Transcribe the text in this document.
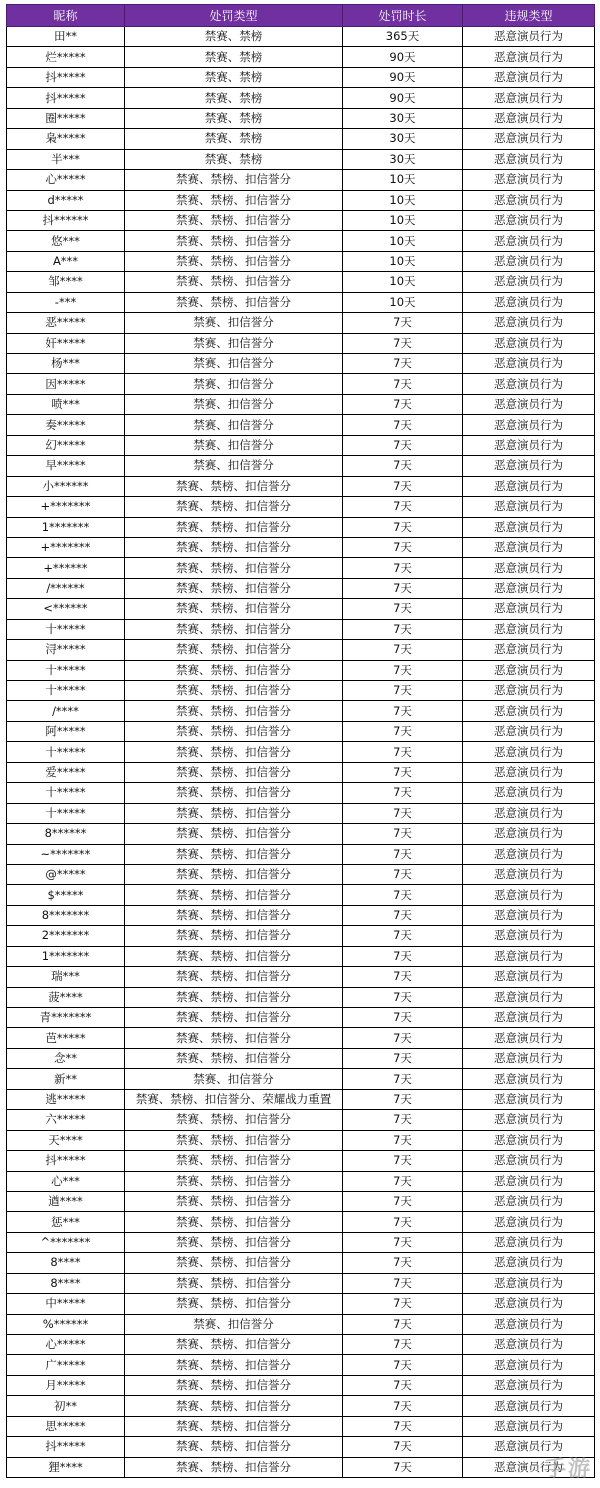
昵称	处罚类型	处罚时长	违规类型
田**	禁赛、禁榜	365天	恶意演员行为
烂*****	禁赛、禁榜	90天	恶意演员行为
抖*****	禁赛、禁榜	90天	恶意演员行为
抖*****	禁赛、禁榜	90天	恶意演员行为
圈*****	禁赛、禁榜	30天	恶意演员行为
枭*****	禁赛、禁榜	30天	恶意演员行为
半***	禁赛、禁榜	30天	恶意演员行为
心*****	禁赛、禁榜、扣信誉分	10天	恶意演员行为
d*****	禁赛、禁榜、扣信誉分	10天	恶意演员行为
抖******	禁赛、禁榜、扣信誉分	10天	恶意演员行为
悠***	禁赛、禁榜、扣信誉分	10天	恶意演员行为
A***	禁赛、禁榜、扣信誉分	10天	恶意演员行为
邹****	禁赛、禁榜、扣信誉分	10天	恶意演员行为
-***	禁赛、禁榜、扣信誉分	10天	恶意演员行为
恶*****	禁赛、扣信誉分	7天	恶意演员行为
奸*****	禁赛、扣信誉分	7天	恶意演员行为
杨***	禁赛、扣信誉分	7天	恶意演员行为
因*****	禁赛、扣信誉分	7天	恶意演员行为
喷***	禁赛、扣信誉分	7天	恶意演员行为
奏*****	禁赛、扣信誉分	7天	恶意演员行为
幻*****	禁赛、扣信誉分	7天	恶意演员行为
早*****	禁赛、扣信誉分	7天	恶意演员行为
小******	禁赛、禁榜、扣信誉分	7天	恶意演员行为
+*******	禁赛、禁榜、扣信誉分	7天	恶意演员行为
1*******	禁赛、禁榜、扣信誉分	7天	恶意演员行为
+*******	禁赛、禁榜、扣信誉分	7天	恶意演员行为
+******	禁赛、禁榜、扣信誉分	7天	恶意演员行为
/******	禁赛、禁榜、扣信誉分	7天	恶意演员行为
<******	禁赛、禁榜、扣信誉分	7天	恶意演员行为
十*****	禁赛、禁榜、扣信誉分	7天	恶意演员行为
浔*****	禁赛、禁榜、扣信誉分	7天	恶意演员行为
十*****	禁赛、禁榜、扣信誉分	7天	恶意演员行为
十*****	禁赛、禁榜、扣信誉分	7天	恶意演员行为
/****	禁赛、禁榜、扣信誉分	7天	恶意演员行为
阿*****	禁赛、禁榜、扣信誉分	7天	恶意演员行为
十*****	禁赛、禁榜、扣信誉分	7天	恶意演员行为
爱*****	禁赛、禁榜、扣信誉分	7天	恶意演员行为
十*****	禁赛、禁榜、扣信誉分	7天	恶意演员行为
十*****	禁赛、禁榜、扣信誉分	7天	恶意演员行为
8******	禁赛、禁榜、扣信誉分	7天	恶意演员行为
~*******	禁赛、禁榜、扣信誉分	7天	恶意演员行为
@*****	禁赛、禁榜、扣信誉分	7天	恶意演员行为
$*****	禁赛、禁榜、扣信誉分	7天	恶意演员行为
8*******	禁赛、禁榜、扣信誉分	7天	恶意演员行为
2*******	禁赛、禁榜、扣信誉分	7天	恶意演员行为
1*******	禁赛、禁榜、扣信誉分	7天	恶意演员行为
瑞***	禁赛、禁榜、扣信誉分	7天	恶意演员行为
菠****	禁赛、禁榜、扣信誉分	7天	恶意演员行为
青*******	禁赛、禁榜、扣信誉分	7天	恶意演员行为
芭*****	禁赛、禁榜、扣信誉分	7天	恶意演员行为
念**	禁赛、禁榜、扣信誉分	7天	恶意演员行为
新**	禁赛、扣信誉分	7天	恶意演员行为
逃*****	禁赛、禁榜、扣信誉分、荣耀战力重置	7天	恶意演员行为
六*****	禁赛、禁榜、扣信誉分	7天	恶意演员行为
天****	禁赛、禁榜、扣信誉分	7天	恶意演员行为
抖*****	禁赛、禁榜、扣信誉分	7天	恶意演员行为
心***	禁赛、禁榜、扣信誉分	7天	恶意演员行为
遒****	禁赛、禁榜、扣信誉分	7天	恶意演员行为
惩***	禁赛、禁榜、扣信誉分	7天	恶意演员行为
^*******	禁赛、禁榜、扣信誉分	7天	恶意演员行为
8****	禁赛、禁榜、扣信誉分	7天	恶意演员行为
8****	禁赛、禁榜、扣信誉分	7天	恶意演员行为
中*****	禁赛、禁榜、扣信誉分	7天	恶意演员行为
%******	禁赛、扣信誉分	7天	恶意演员行为
心*****	禁赛、禁榜、扣信誉分	7天	恶意演员行为
广*****	禁赛、禁榜、扣信誉分	7天	恶意演员行为
月*****	禁赛、禁榜、扣信誉分	7天	恶意演员行为
初**	禁赛、禁榜、扣信誉分	7天	恶意演员行为
思*****	禁赛、禁榜、扣信誉分	7天	恶意演员行为
抖*****	禁赛、禁榜、扣信誉分	7天	恶意演员行为
狸****	禁赛、禁榜、扣信誉分	7天	恶意演员行为
手游
